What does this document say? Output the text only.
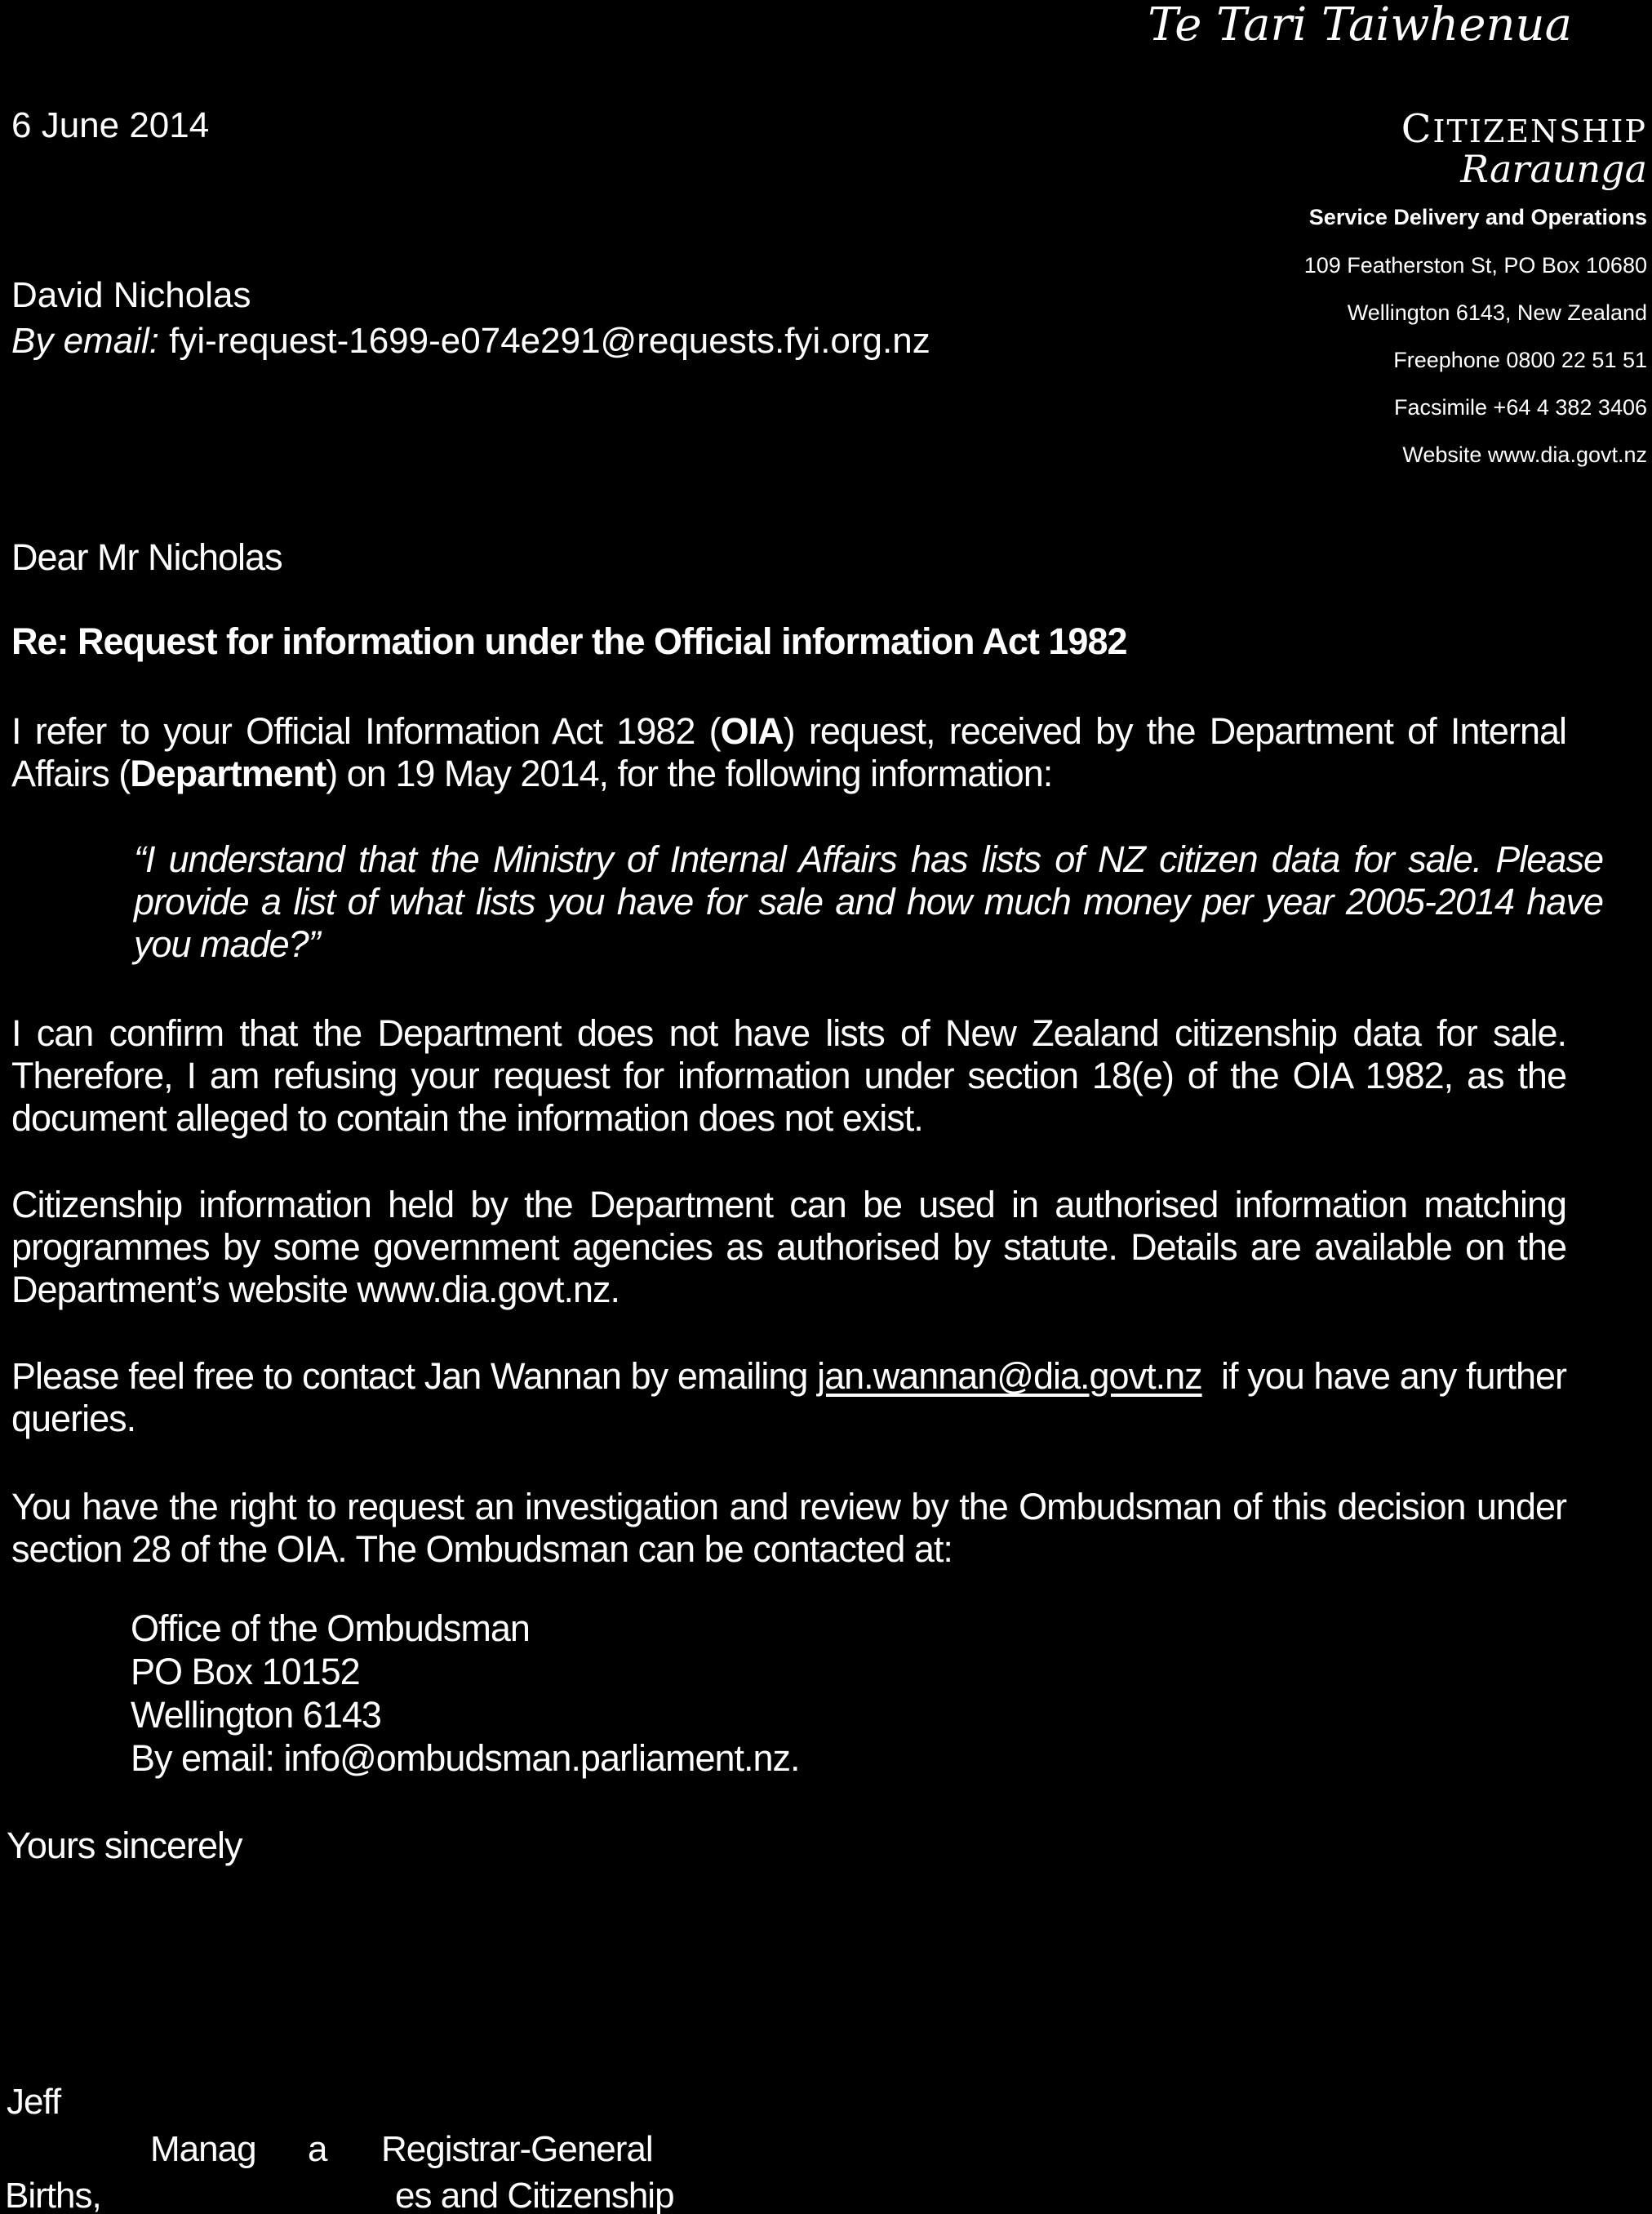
Te Tari Taiwhenua
CITIZENSHIP
Raraunga
Service Delivery and Operations
109 Featherston St, PO Box 10680
Wellington 6143, New Zealand
Freephone 0800 22 51 51
Facsimile +64 4 382 3406
Website www.dia.govt.nz
6 June 2014
David Nicholas
By email: fyi-request-1699-e074e291@requests.fyi.org.nz
Dear Mr Nicholas
Re: Request for information under the Official information Act 1982
I refer to your Official Information Act 1982 (OIA) request, received by the Department of Internal Affairs (Department) on 19 May 2014, for the following information:
“I understand that the Ministry of Internal Affairs has lists of NZ citizen data for sale. Please provide a list of what lists you have for sale and how much money per year 2005-2014 have you made?”
I can confirm that the Department does not have lists of New Zealand citizenship data for sale. Therefore, I am refusing your request for information under section 18(e) of the OIA 1982, as the document alleged to contain the information does not exist.
Citizenship information held by the Department can be used in authorised information matching programmes by some government agencies as authorised by statute. Details are available on the Department’s website www.dia.govt.nz.
Please feel free to contact Jan Wannan by emailing jan.wannan@dia.govt.nz  if you have any further queries.
You have the right to request an investigation and review by the Ombudsman of this decision under section 28 of the OIA. The Ombudsman can be contacted at:
Office of the Ombudsman
PO Box 10152
Wellington 6143
By email: info@ombudsman.parliament.nz.
Yours sincerely
Jeff
Manag a Registrar-General
Births,	es and Citizenship
